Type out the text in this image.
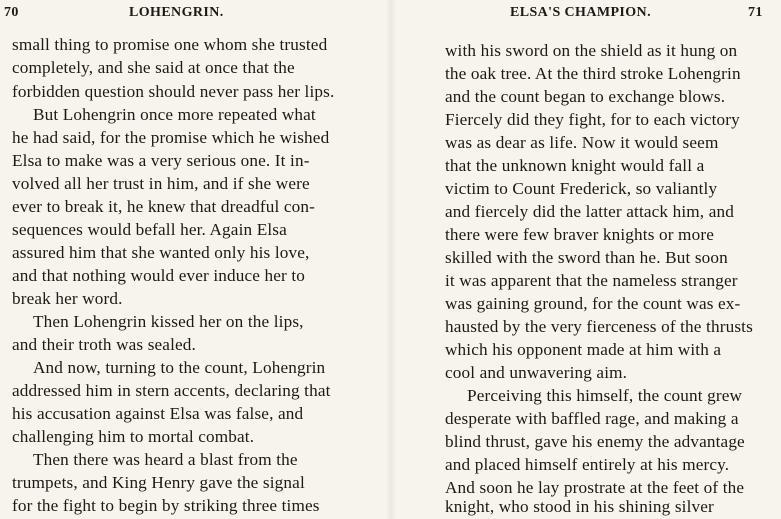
70	LOHENGRIN.
small thing to promise one whom she trusted
completely, and she said at once that the
forbidden question should never pass her lips.
But Lohengrin once more repeated what
he had said, for the promise which he wished
Elsa to make was a very serious one. It in-
volved all her trust in him, and if she were
ever to break it, he knew that dreadful con-
sequences would befall her. Again Elsa
assured him that she wanted only his love,
and that nothing would ever induce her to
break her word.
Then Lohengrin kissed her on the lips,
and their troth was sealed.
And now, turning to the count, Lohengrin
addressed him in stern accents, declaring that
his accusation against Elsa was false, and
challenging him to mortal combat.
Then there was heard a blast from the
trumpets, and King Henry gave the signal
for the fight to begin by striking three times
ELSA'S CHAMPION.	71
with his sword on the shield as it hung on
the oak tree. At the third stroke Lohengrin
and the count began to exchange blows.
Fiercely did they fight, for to each victory
was as dear as life. Now it would seem
that the unknown knight would fall a
victim to Count Frederick, so valiantly
and fiercely did the latter attack him, and
there were few braver knights or more
skilled with the sword than he. But soon
it was apparent that the nameless stranger
was gaining ground, for the count was ex-
hausted by the very fierceness of the thrusts
which his opponent made at him with a
cool and unwavering aim.
Perceiving this himself, the count grew
desperate with baffled rage, and making a
blind thrust, gave his enemy the advantage
and placed himself entirely at his mercy.
And soon he lay prostrate at the feet of the
knight, who stood in his shining silver
